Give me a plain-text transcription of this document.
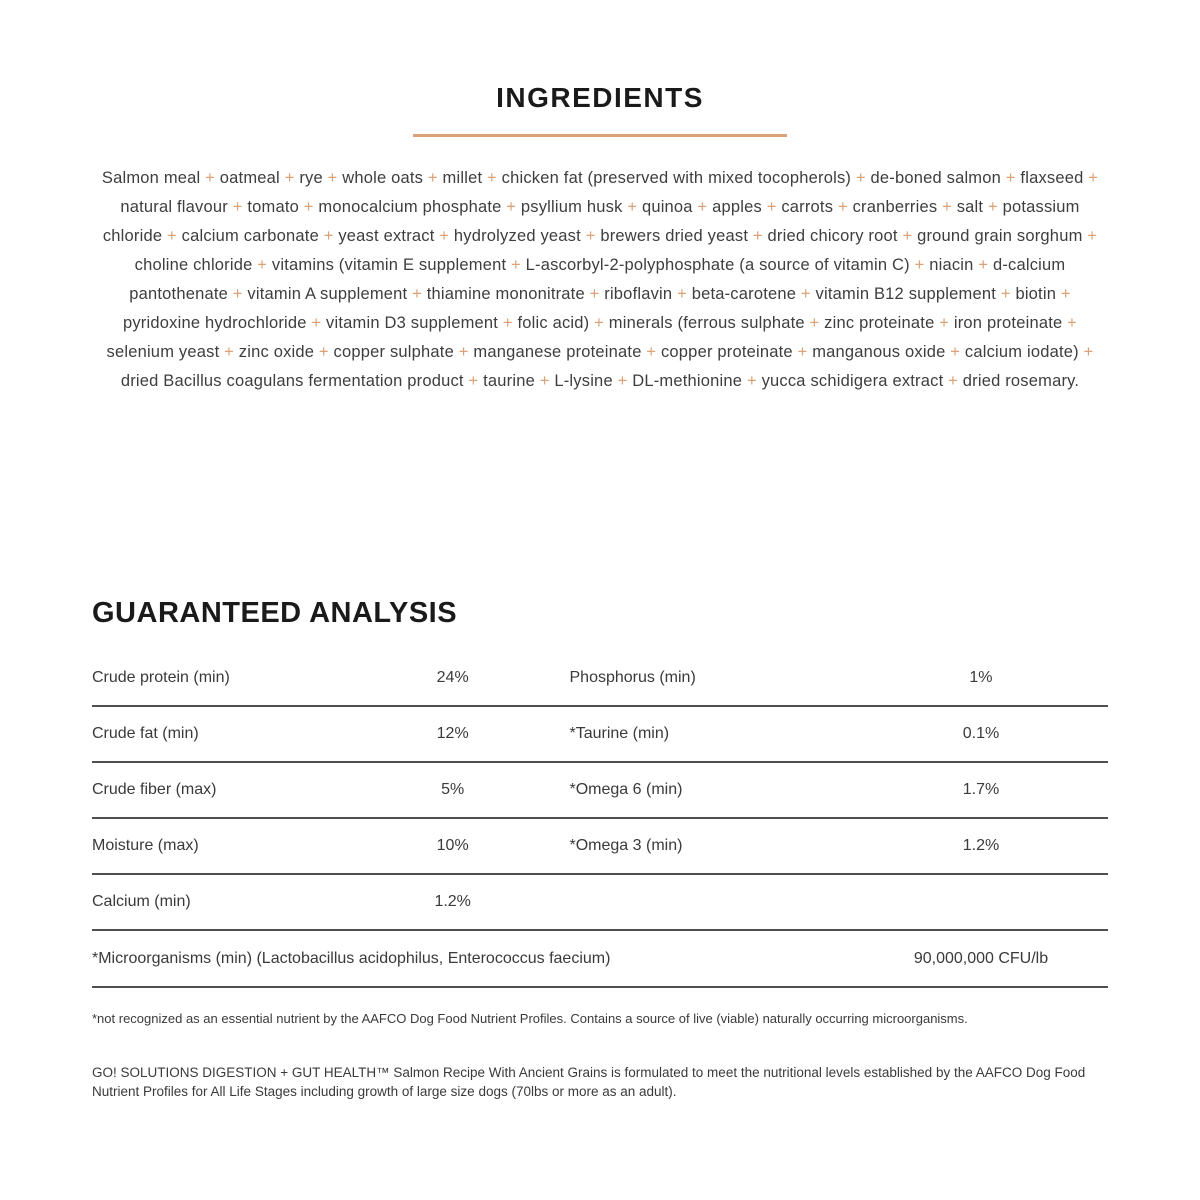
INGREDIENTS

Salmon meal + oatmeal + rye + whole oats + millet + chicken fat (preserved with mixed tocopherols) + de-boned salmon + flaxseed + natural flavour + tomato + monocalcium phosphate + psyllium husk + quinoa + apples + carrots + cranberries + salt + potassium chloride + calcium carbonate + yeast extract + hydrolyzed yeast + brewers dried yeast + dried chicory root + ground grain sorghum + choline chloride + vitamins (vitamin E supplement + L-ascorbyl-2-polyphosphate (a source of vitamin C) + niacin + d-calcium pantothenate + vitamin A supplement + thiamine mononitrate + riboflavin + beta-carotene + vitamin B12 supplement + biotin + pyridoxine hydrochloride + vitamin D3 supplement + folic acid) + minerals (ferrous sulphate + zinc proteinate + iron proteinate + selenium yeast + zinc oxide + copper sulphate + manganese proteinate + copper proteinate + manganous oxide + calcium iodate) + dried Bacillus coagulans fermentation product + taurine + L-lysine + DL-methionine + yucca schidigera extract + dried rosemary.

GUARANTEED ANALYSIS
Crude protein (min)	24%	Phosphorus (min)	1%
Crude fat (min)	12%	*Taurine (min)	0.1%
Crude fiber (max)	5%	*Omega 6 (min)	1.7%
Moisture (max)	10%	*Omega 3 (min)	1.2%
Calcium (min)	1.2%
*Microorganisms (min) (Lactobacillus acidophilus, Enterococcus faecium)	90,000,000 CFU/lb

*not recognized as an essential nutrient by the AAFCO Dog Food Nutrient Profiles. Contains a source of live (viable) naturally occurring microorganisms.

GO! SOLUTIONS DIGESTION + GUT HEALTH™ Salmon Recipe With Ancient Grains is formulated to meet the nutritional levels established by the AAFCO Dog Food Nutrient Profiles for All Life Stages including growth of large size dogs (70lbs or more as an adult).
